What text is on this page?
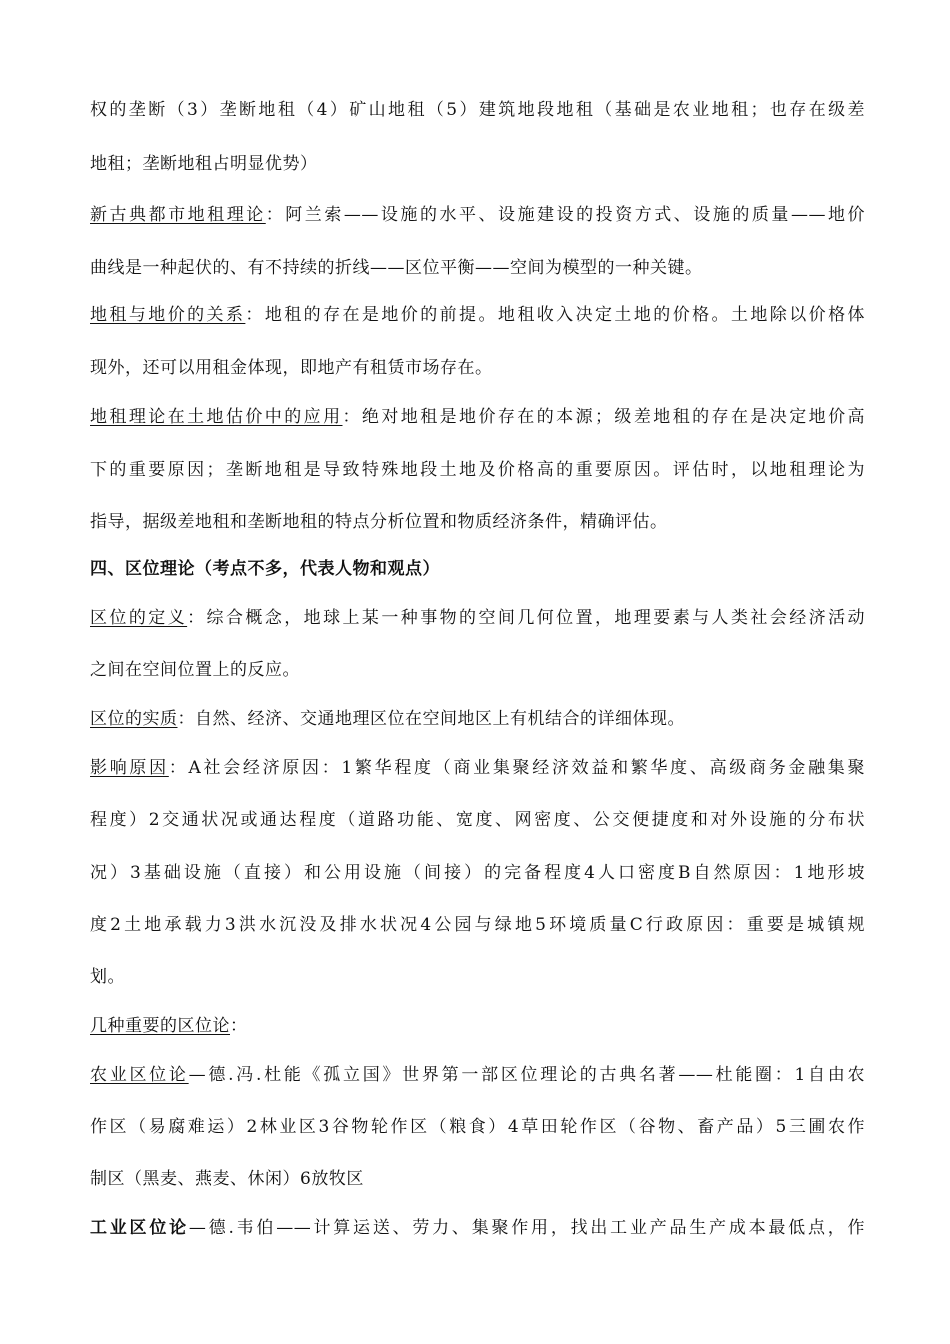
权的垄断（3）垄断地租（4）矿山地租（5）建筑地段地租（基础是农业地租；也存在级差
地租；垄断地租占明显优势）
新古典都市地租理论：阿兰索——设施的水平、设施建设的投资方式、设施的质量——地价
曲线是一种起伏的、有不持续的折线——区位平衡——空间为模型的一种关键。
地租与地价的关系：地租的存在是地价的前提。地租收入决定土地的价格。土地除以价格体
现外，还可以用租金体现，即地产有租赁市场存在。
地租理论在土地估价中的应用：绝对地租是地价存在的本源；级差地租的存在是决定地价高
下的重要原因；垄断地租是导致特殊地段土地及价格高的重要原因。评估时，以地租理论为
指导，据级差地租和垄断地租的特点分析位置和物质经济条件，精确评估。
四、区位理论（考点不多，代表人物和观点）
区位的定义：综合概念，地球上某一种事物的空间几何位置，地理要素与人类社会经济活动
之间在空间位置上的反应。
区位的实质：自然、经济、交通地理区位在空间地区上有机结合的详细体现。
影响原因：A社会经济原因：1繁华程度（商业集聚经济效益和繁华度、高级商务金融集聚
程度）2交通状况或通达程度（道路功能、宽度、网密度、公交便捷度和对外设施的分布状
况）3基础设施（直接）和公用设施（间接）的完备程度4人口密度B自然原因：1地形坡
度2土地承载力3洪水沉没及排水状况4公园与绿地5环境质量C行政原因：重要是城镇规
划。
几种重要的区位论：
农业区位论—德.冯.杜能《孤立国》世界第一部区位理论的古典名著——杜能圈：1自由农
作区（易腐难运）2林业区3谷物轮作区（粮食）4草田轮作区（谷物、畜产品）5三圃农作
制区（黑麦、燕麦、休闲）6放牧区
工业区位论—德.韦伯——计算运送、劳力、集聚作用，找出工业产品生产成本最低点，作
